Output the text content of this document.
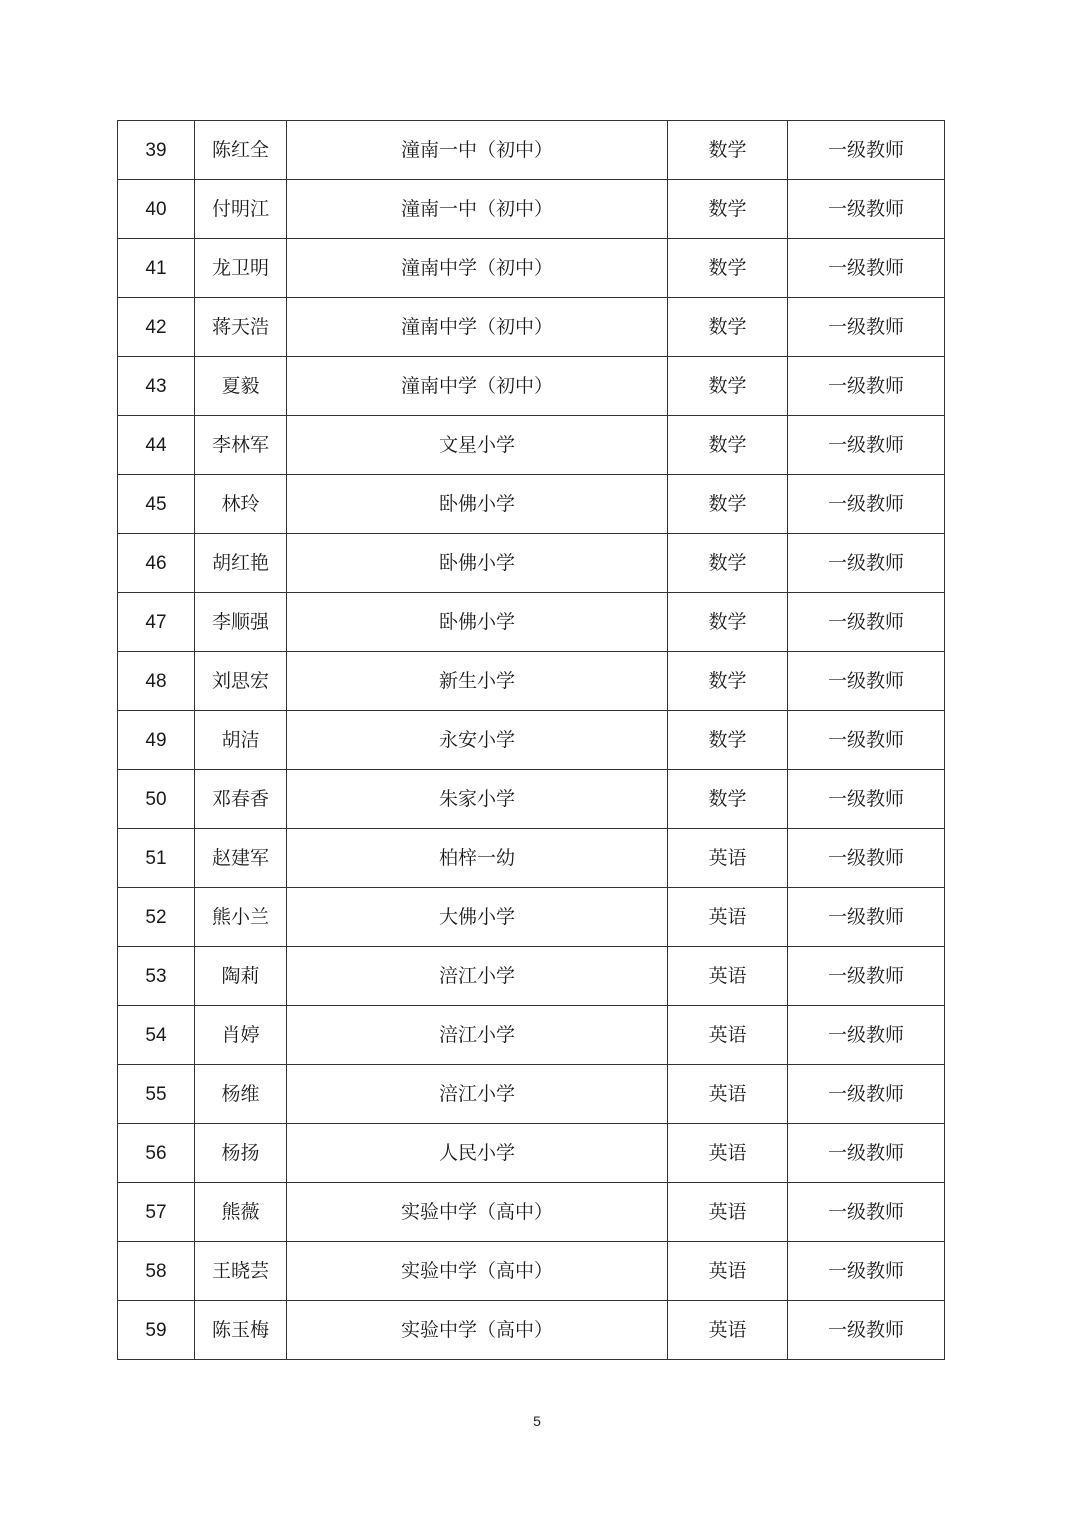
39	陈红全	潼南一中（初中）	数学	一级教师
40	付明江	潼南一中（初中）	数学	一级教师
41	龙卫明	潼南中学（初中）	数学	一级教师
42	蒋天浩	潼南中学（初中）	数学	一级教师
43	夏毅	潼南中学（初中）	数学	一级教师
44	李林军	文星小学	数学	一级教师
45	林玲	卧佛小学	数学	一级教师
46	胡红艳	卧佛小学	数学	一级教师
47	李顺强	卧佛小学	数学	一级教师
48	刘思宏	新生小学	数学	一级教师
49	胡洁	永安小学	数学	一级教师
50	邓春香	朱家小学	数学	一级教师
51	赵建军	柏梓一幼	英语	一级教师
52	熊小兰	大佛小学	英语	一级教师
53	陶莉	涪江小学	英语	一级教师
54	肖婷	涪江小学	英语	一级教师
55	杨维	涪江小学	英语	一级教师
56	杨扬	人民小学	英语	一级教师
57	熊薇	实验中学（高中）	英语	一级教师
58	王晓芸	实验中学（高中）	英语	一级教师
59	陈玉梅	实验中学（高中）	英语	一级教师
5
